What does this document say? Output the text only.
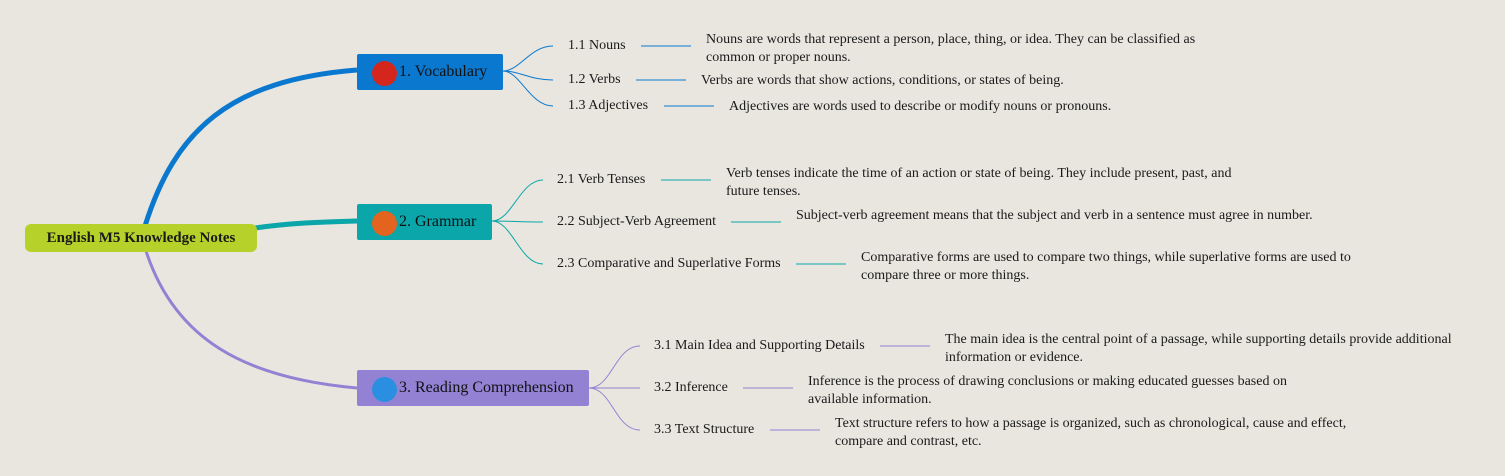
English M5 Knowledge Notes
1 1. Vocabulary
2 2. Grammar
3 3. Reading Comprehension
1.1 Nouns	Nouns are words that represent a person, place, thing, or idea. They can be classified as common or proper nouns.
1.2 Verbs	Verbs are words that show actions, conditions, or states of being.
1.3 Adjectives	Adjectives are words used to describe or modify nouns or pronouns.
2.1 Verb Tenses	Verb tenses indicate the time of an action or state of being. They include present, past, and future tenses.
2.2 Subject-Verb Agreement	Subject-verb agreement means that the subject and verb in a sentence must agree in number.
2.3 Comparative and Superlative Forms	Comparative forms are used to compare two things, while superlative forms are used to compare three or more things.
3.1 Main Idea and Supporting Details	The main idea is the central point of a passage, while supporting details provide additional information or evidence.
3.2 Inference	Inference is the process of drawing conclusions or making educated guesses based on available information.
3.3 Text Structure	Text structure refers to how a passage is organized, such as chronological, cause and effect, compare and contrast, etc.
